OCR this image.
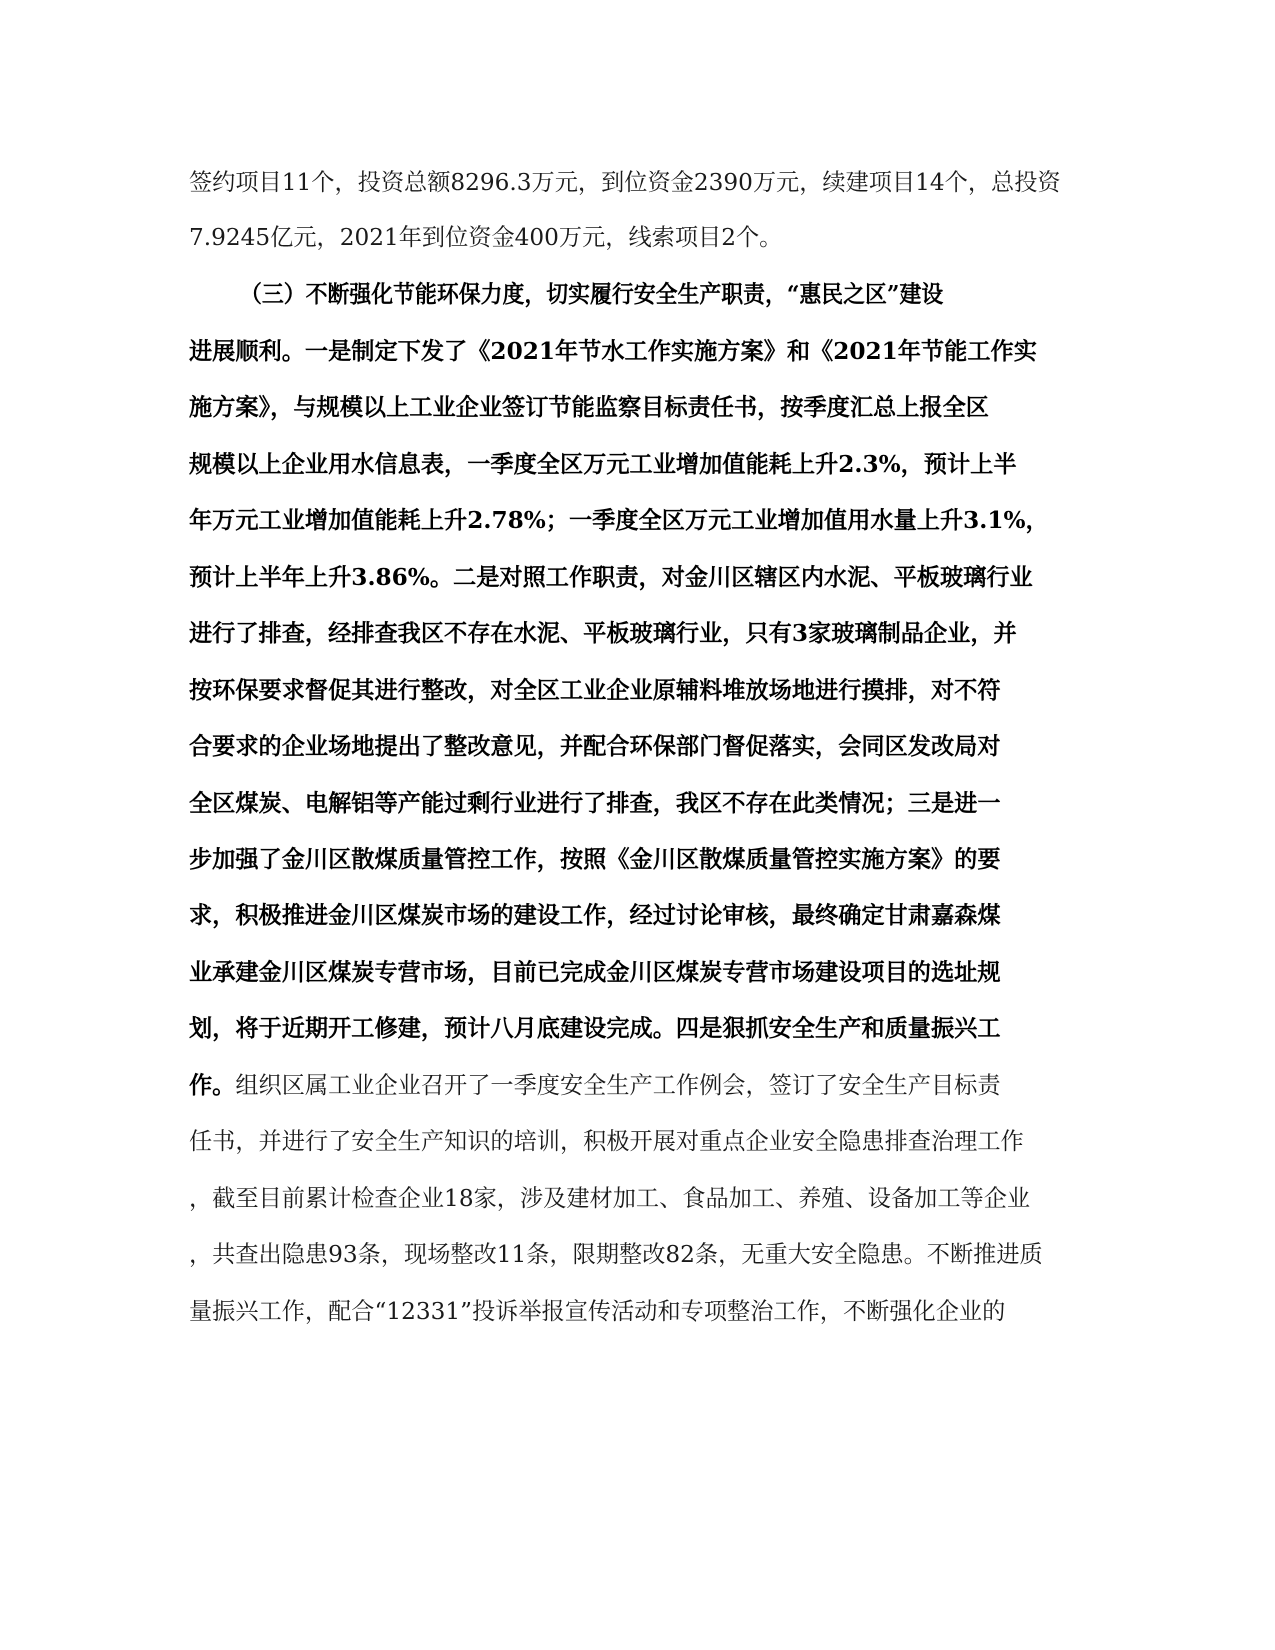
签约项目11个，投资总额8296.3万元，到位资金2390万元，续建项目14个，总投资
7.9245亿元，2021年到位资金400万元，线索项目2个。
（三）不断强化节能环保力度，切实履行安全生产职责，“惠民之区”建设
进展顺利。一是制定下发了《2021年节水工作实施方案》和《2021年节能工作实
施方案》，与规模以上工业企业签订节能监察目标责任书，按季度汇总上报全区
规模以上企业用水信息表，一季度全区万元工业增加值能耗上升2.3%，预计上半
年万元工业增加值能耗上升2.78%；一季度全区万元工业增加值用水量上升3.1%，
预计上半年上升3.86%。二是对照工作职责，对金川区辖区内水泥、平板玻璃行业
进行了排查，经排查我区不存在水泥、平板玻璃行业，只有3家玻璃制品企业，并
按环保要求督促其进行整改，对全区工业企业原辅料堆放场地进行摸排，对不符
合要求的企业场地提出了整改意见，并配合环保部门督促落实，会同区发改局对
全区煤炭、电解铝等产能过剩行业进行了排查，我区不存在此类情况；三是进一
步加强了金川区散煤质量管控工作，按照《金川区散煤质量管控实施方案》的要
求，积极推进金川区煤炭市场的建设工作，经过讨论审核，最终确定甘肃嘉森煤
业承建金川区煤炭专营市场，目前已完成金川区煤炭专营市场建设项目的选址规
划，将于近期开工修建，预计八月底建设完成。四是狠抓安全生产和质量振兴工
作。组织区属工业企业召开了一季度安全生产工作例会，签订了安全生产目标责
任书，并进行了安全生产知识的培训，积极开展对重点企业安全隐患排查治理工作
，截至目前累计检查企业18家，涉及建材加工、食品加工、养殖、设备加工等企业
，共查出隐患93条，现场整改11条，限期整改82条，无重大安全隐患。不断推进质
量振兴工作，配合“12331”投诉举报宣传活动和专项整治工作，不断强化企业的
